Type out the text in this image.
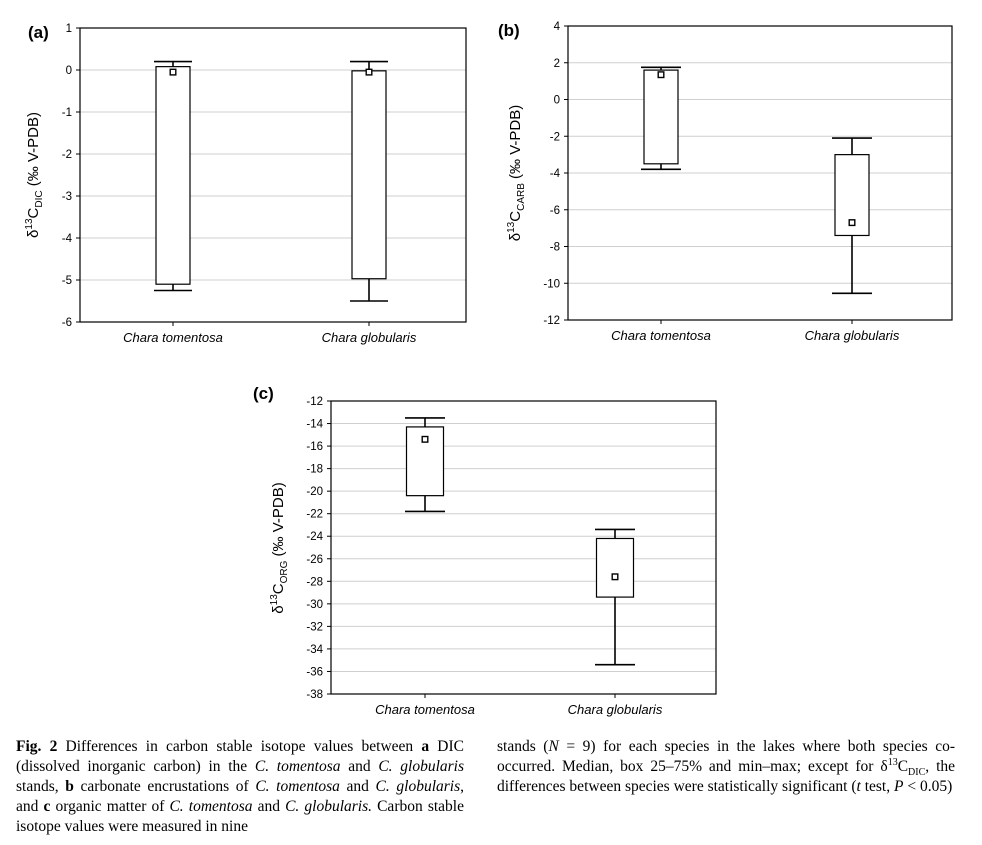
(a) 1
0
-1
-2
-3
-4
-5
-6
Chara tomentosa	Chara globularis
$\delta^{13}C_{DIC}$ (‰ V-PDB)
(b)	4
2
0
-2
-4
-6
-8
-10
-12
Chara tomentosa	Chara globularis
$\delta^{13}C_{CARB}$ (‰ V-PDB)
(c)	-12
-14
-16
-18
-20
-22
-24
-26
-28
-30
-32
-34
-36
-38
Chara tomentosa	Chara globularis
$\delta^{13}C_{ORG}$ (‰ V-PDB)

Fig. 2 Differences in carbon stable isotope values between a DIC (dissolved inorganic carbon) in the C. tomentosa and C. globularis stands, b carbonate encrustations of C. tomentosa and C. globularis, and c organic matter of C. tomentosa and C. globularis. Carbon stable isotope values were measured in nine

stands (N = 9) for each species in the lakes where both species co-occurred. Median, box 25–75% and min–max; except for $\delta^{13}C_{DIC}$, the differences between species were statistically significant (t test, P < 0.05)
